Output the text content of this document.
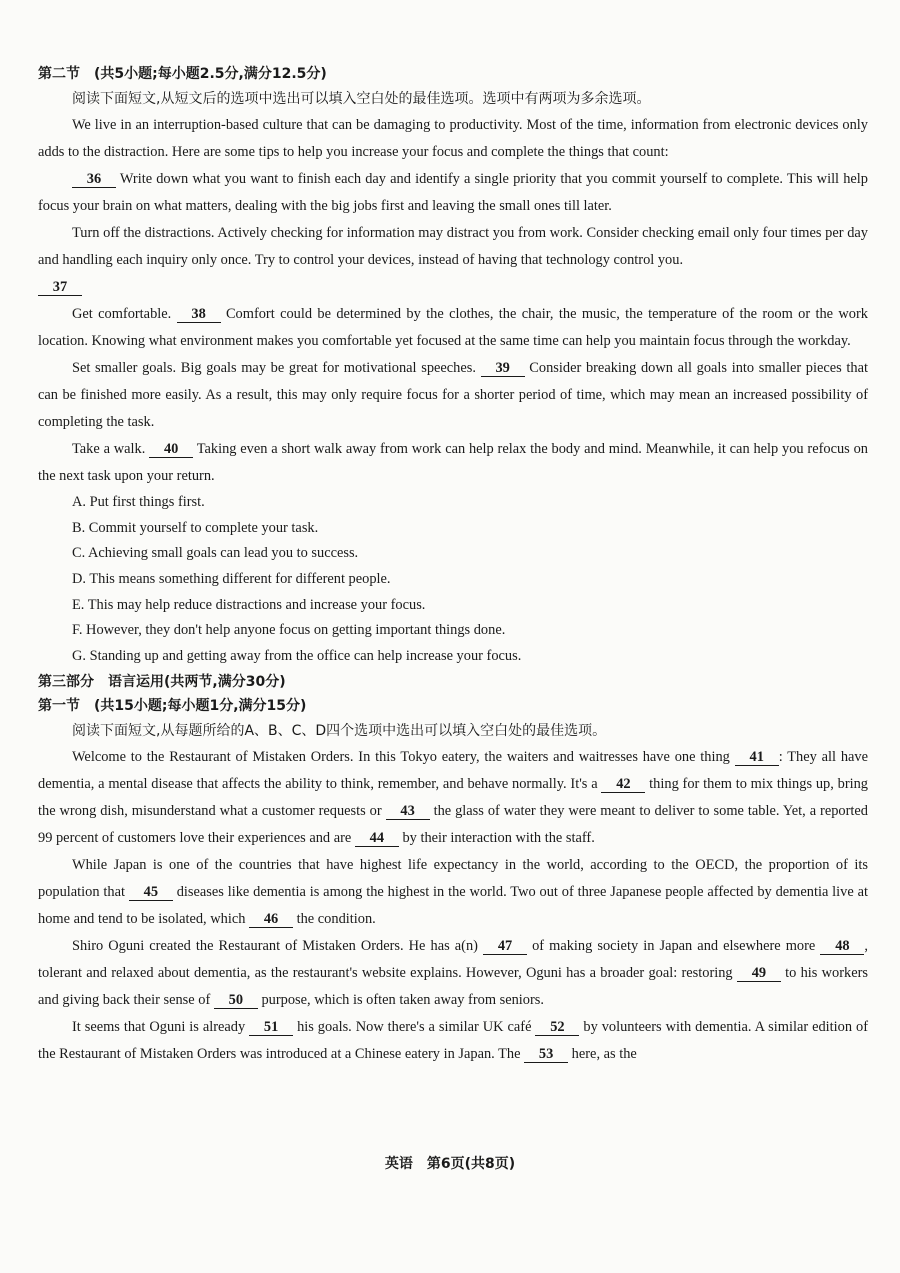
第二节　(共5小题;每小题2.5分,满分12.5分)
阅读下面短文,从短文后的选项中选出可以填入空白处的最佳选项。选项中有两项为多余选项。

We live in an interruption-based culture that can be damaging to productivity. Most of the time, information from electronic devices only adds to the distraction. Here are some tips to help you increase your focus and complete the things that count:

36 Write down what you want to finish each day and identify a single priority that you commit yourself to complete. This will help focus your brain on what matters, dealing with the big jobs first and leaving the small ones till later.

Turn off the distractions. Actively checking for information may distract you from work. Consider checking email only four times per day and handling each inquiry only once. Try to control your devices, instead of having that technology control you.

37

Get comfortable. 38 Comfort could be determined by the clothes, the chair, the music, the temperature of the room or the work location. Knowing what environment makes you comfortable yet focused at the same time can help you maintain focus through the workday.

Set smaller goals. Big goals may be great for motivational speeches. 39 Consider breaking down all goals into smaller pieces that can be finished more easily. As a result, this may only require focus for a shorter period of time, which may mean an increased possibility of completing the task.

Take a walk. 40 Taking even a short walk away from work can help relax the body and mind. Meanwhile, it can help you refocus on the next task upon your return.

A. Put first things first.
B. Commit yourself to complete your task.
C. Achieving small goals can lead you to success.
D. This means something different for different people.
E. This may help reduce distractions and increase your focus.
F. However, they don't help anyone focus on getting important things done.
G. Standing up and getting away from the office can help increase your focus.
第三部分　语言运用(共两节,满分30分)
第一节　(共15小题;每小题1分,满分15分)
阅读下面短文,从每题所给的A、B、C、D四个选项中选出可以填入空白处的最佳选项。

Welcome to the Restaurant of Mistaken Orders. In this Tokyo eatery, the waiters and waitresses have one thing 41 : They all have dementia, a mental disease that affects the ability to think, remember, and behave normally. It's a 42 thing for them to mix things up, bring the wrong dish, misunderstand what a customer requests or 43 the glass of water they were meant to deliver to some table. Yet, a reported 99 percent of customers love their experiences and are 44 by their interaction with the staff.

While Japan is one of the countries that have highest life expectancy in the world, according to the OECD, the proportion of its population that 45 diseases like dementia is among the highest in the world. Two out of three Japanese people affected by dementia live at home and tend to be isolated, which 46 the condition.

Shiro Oguni created the Restaurant of Mistaken Orders. He has a(n) 47 of making society in Japan and elsewhere more 48 , tolerant and relaxed about dementia, as the restaurant's website explains. However, Oguni has a broader goal: restoring 49 to his workers and giving back their sense of 50 purpose, which is often taken away from seniors.

It seems that Oguni is already 51 his goals. Now there's a similar UK café 52 by volunteers with dementia. A similar edition of the Restaurant of Mistaken Orders was introduced at a Chinese eatery in Japan. The 53 here, as the

英语　第6页(共8页)
